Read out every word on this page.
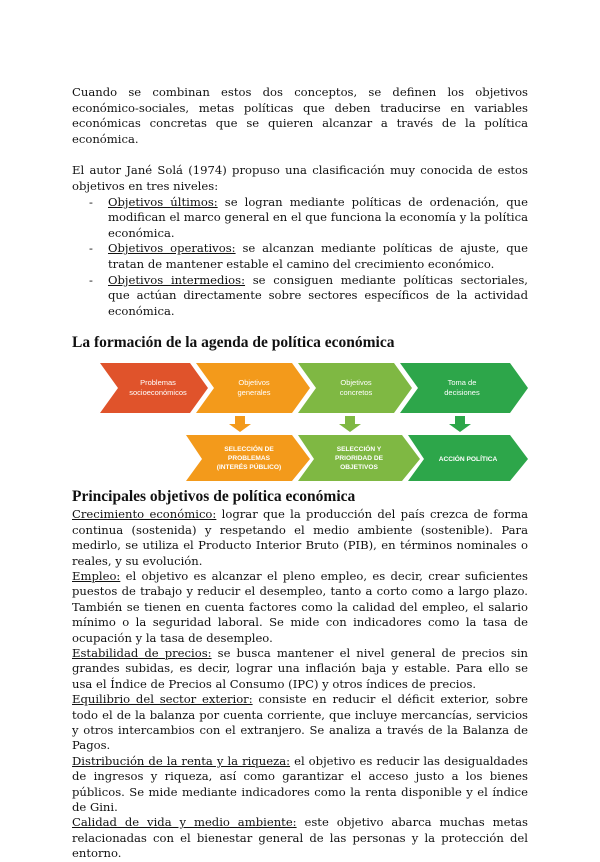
Cuando se combinan estos dos conceptos, se definen los objetivos económico-sociales, metas políticas que deben traducirse en variables económicas concretas que se quieren alcanzar a través de la política económica.

El autor Jané Solá (1974) propuso una clasificación muy conocida de estos objetivos en tres niveles:

- Objetivos últimos: se logran mediante políticas de ordenación, que modifican el marco general en el que funciona la economía y la política económica.
- Objetivos operativos: se alcanzan mediante políticas de ajuste, que tratan de mantener estable el camino del crecimiento económico.
- Objetivos intermedios: se consiguen mediante políticas sectoriales, que actúan directamente sobre sectores específicos de la actividad económica.
La formación de la agenda de política económica
Problemas
socioeconómicos
Objetivos
generales
Objetivos
concretos
Toma de
decisiones
SELECCIÓN DE
PROBLEMAS
(INTERÉS PÚBLICO)
SELECCIÓN Y
PRIORIDAD DE
OBJETIVOS
ACCIÓN POLÍTICA
Principales objetivos de política económica

Crecimiento económico: lograr que la producción del país crezca de forma continua (sostenida) y respetando el medio ambiente (sostenible). Para medirlo, se utiliza el Producto Interior Bruto (PIB), en términos nominales o reales, y su evolución.

Empleo: el objetivo es alcanzar el pleno empleo, es decir, crear suficientes puestos de trabajo y reducir el desempleo, tanto a corto como a largo plazo. También se tienen en cuenta factores como la calidad del empleo, el salario mínimo o la seguridad laboral. Se mide con indicadores como la tasa de ocupación y la tasa de desempleo.

Estabilidad de precios: se busca mantener el nivel general de precios sin grandes subidas, es decir, lograr una inflación baja y estable. Para ello se usa el Índice de Precios al Consumo (IPC) y otros índices de precios.

Equilibrio del sector exterior: consiste en reducir el déficit exterior, sobre todo el de la balanza por cuenta corriente, que incluye mercancías, servicios y otros intercambios con el extranjero. Se analiza a través de la Balanza de Pagos.

Distribución de la renta y la riqueza: el objetivo es reducir las desigualdades de ingresos y riqueza, así como garantizar el acceso justo a los bienes públicos. Se mide mediante indicadores como la renta disponible y el índice de Gini.

Calidad de vida y medio ambiente: este objetivo abarca muchas metas relacionadas con el bienestar general de las personas y la protección del entorno.
